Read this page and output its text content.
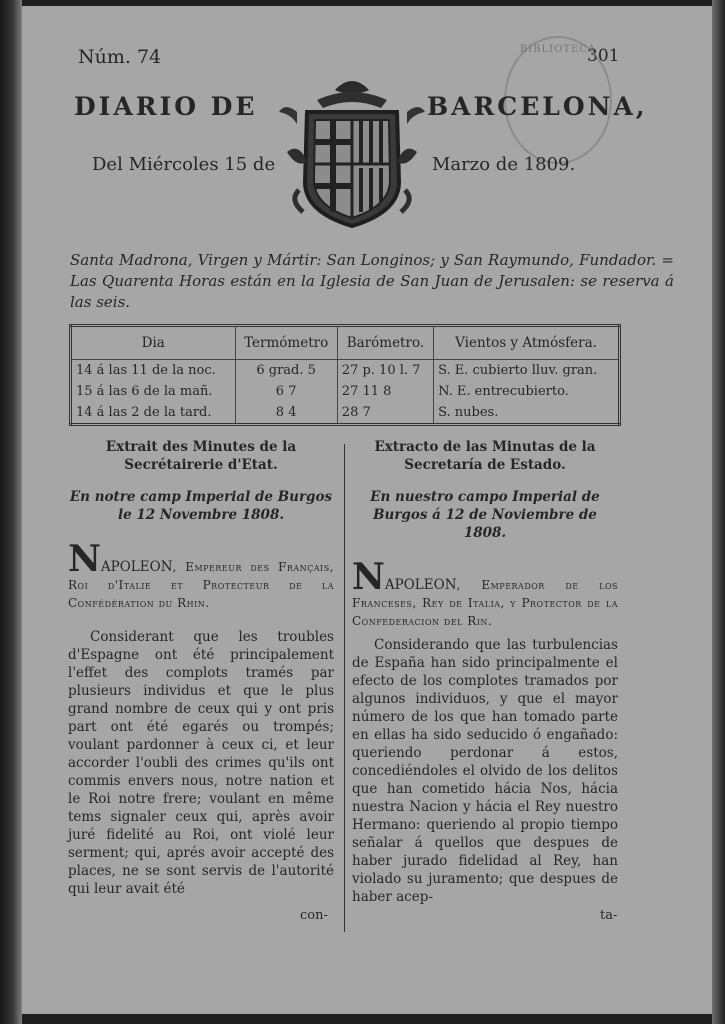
Núm. 74	301

BIBLIOTECA

DIARIO DE	BARCELONA,

Del Miércoles 15 de	Marzo de 1809.

Santa Madrona, Virgen y Mártir: San Longinos; y San Raymundo, Fundador. = Las Quarenta Horas están en la Iglesia de San Juan de Jerusalen: se reserva á las seis.

Dia	Termómetro	Barómetro.	Vientos y Atmósfera.
14 á las 11 de la noc.	6 grad. 5	27 p. 10 l. 7	S. E. cubierto lluv. gran.
15 á las 6 de la mañ.	6 7	27 11 8	N. E. entrecubierto.
14 á las 2 de la tard.	8 4	28 7	S. nubes.

Extrait des Minutes de la Secrétairerie d'Etat.

En notre camp Imperial de Burgos le 12 Novembre 1808.

NAPOLEON, Empereur des Français, Roi d'Italie et Protecteur de la Confédération du Rhin.

Considerant que les troubles d'Espagne ont été principalement l'effet des complots tramés par plusieurs individus et que le plus grand nombre de ceux qui y ont pris part ont été egarés ou trompés; voulant pardonner à ceux ci, et leur accorder l'oubli des crimes qu'ils ont commis envers nous, notre nation et le Roi notre frere; voulant en même tems signaler ceux qui, après avoir juré fidelité au Roi, ont violé leur serment; qui, aprés avoir accepté des places, ne se sont servis de l'autorité qui leur avait été

Extracto de las Minutas de la Secretaría de Estado.

En nuestro campo Imperial de Burgos á 12 de Noviembre de 1808.

NAPOLEON, Emperador de los Franceses, Rey de Italia, y Protector de la Confederacion del Rin.

Considerando que las turbulencias de España han sido principalmente el efecto de los complotes tramados por algunos individuos, y que el mayor número de los que han tomado parte en ellas ha sido seducido ó engañado: queriendo perdonar á estos, concediéndoles el olvido de los delitos que han cometido hácia Nos, hácia nuestra Nacion y hácia el Rey nuestro Hermano: queriendo al propio tiempo señalar á quellos que despues de haber jurado fidelidad al Rey, han violado su juramento; que despues de haber acep-

con-	ta-
